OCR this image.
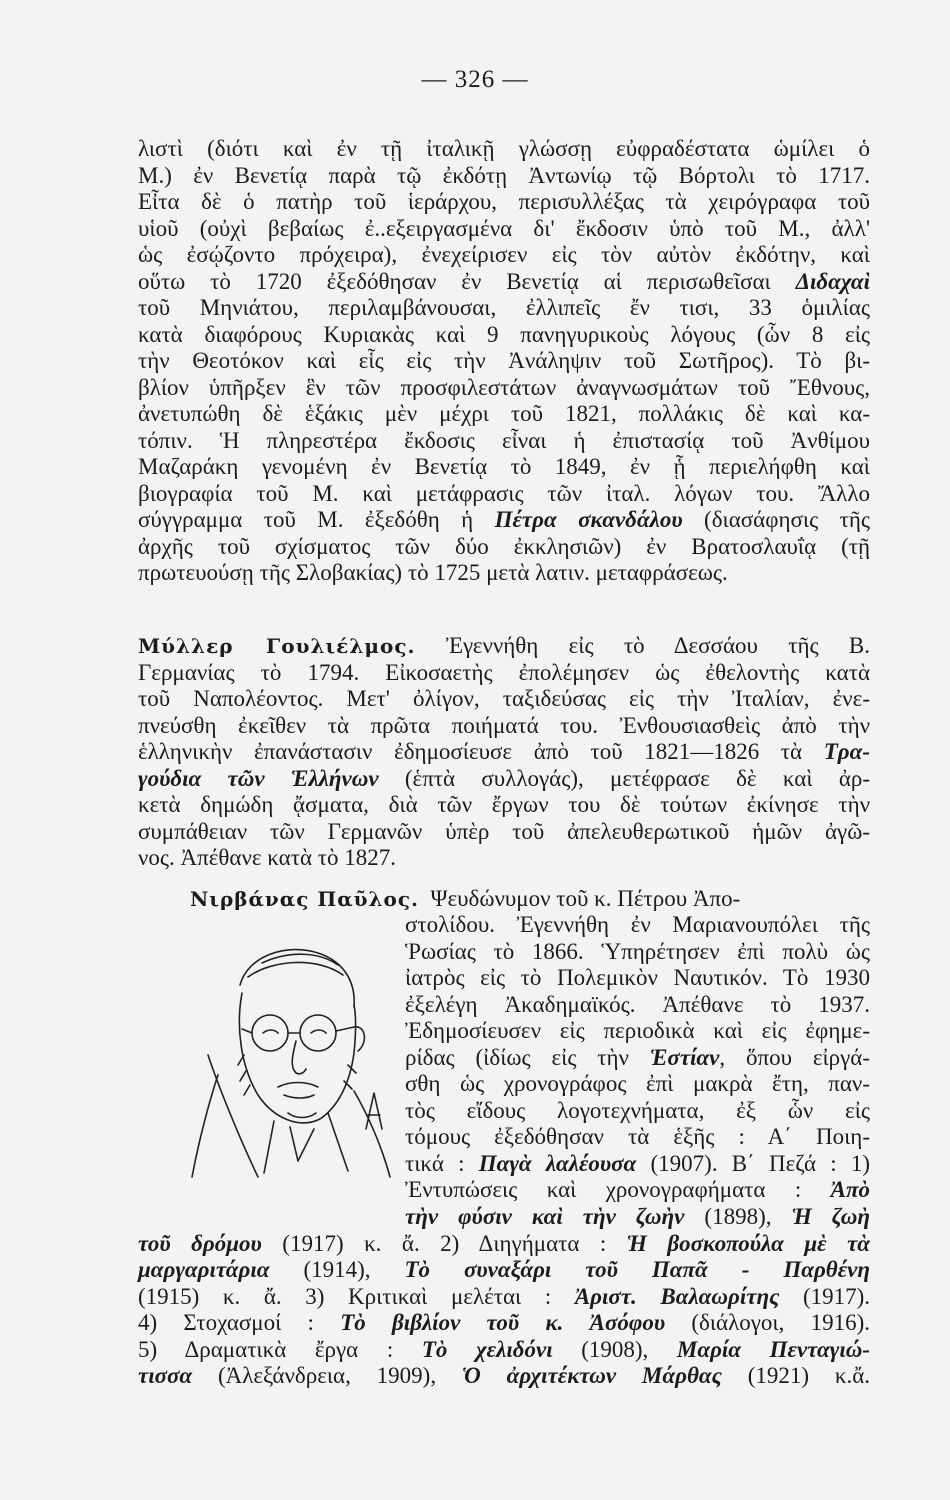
— 326 —
λιστὶ (διότι καὶ ἐν τῇ ἰταλικῇ γλώσσῃ εὐφραδέστατα ὡμίλει ὁ
Μ.) ἐν Βενετίᾳ παρὰ τῷ ἐκδότῃ Ἀντωνίῳ τῷ Βόρτολι τὸ 1717.
Εἶτα δὲ ὁ πατὴρ τοῦ ἱεράρχου, περισυλλέξας τὰ χειρόγραφα τοῦ
υἱοῦ (οὐχὶ βεβαίως ἐ..εξειργασμένα δι' ἔκδοσιν ὑπὸ τοῦ Μ., ἀλλ'
ὡς ἐσῴζοντο πρόχειρα), ἐνεχείρισεν εἰς τὸν αὐτὸν ἐκδότην, καὶ
οὕτω τὸ 1720 ἐξεδόθησαν ἐν Βενετίᾳ αἱ περισωθεῖσαι Διδαχαὶ
τοῦ Μηνιάτου, περιλαμβάνουσαι, ἐλλιπεῖς ἔν τισι, 33 ὁμιλίας
κατὰ διαφόρους Κυριακὰς καὶ 9 πανηγυρικοὺς λόγους (ὧν 8 εἰς
τὴν Θεοτόκον καὶ εἷς εἰς τὴν Ἀνάληψιν τοῦ Σωτῆρος). Τὸ βι-
βλίον ὑπῆρξεν ἓν τῶν προσφιλεστάτων ἀναγνωσμάτων τοῦ Ἔθνους,
ἀνετυπώθη δὲ ἑξάκις μὲν μέχρι τοῦ 1821, πολλάκις δὲ καὶ κα-
τόπιν. Ἡ πληρεστέρα ἔκδοσις εἶναι ἡ ἐπιστασίᾳ τοῦ Ἀνθίμου
Μαζαράκη γενομένη ἐν Βενετίᾳ τὸ 1849, ἐν ᾗ περιελήφθη καὶ
βιογραφία τοῦ Μ. καὶ μετάφρασις τῶν ἰταλ. λόγων του. Ἄλλο
σύγγραμμα τοῦ Μ. ἐξεδόθη ἡ Πέτρα σκανδάλου (διασάφησις τῆς
ἀρχῆς τοῦ σχίσματος τῶν δύο ἐκκλησιῶν) ἐν Βρατοσλαυΐᾳ (τῇ
πρωτευούσῃ τῆς Σλοβακίας) τὸ 1725 μετὰ λατιν. μεταφράσεως.
Μύλλερ Γουλιέλμος. Ἐγεννήθη εἰς τὸ Δεσσάου τῆς Β.
Γερμανίας τὸ 1794. Εἰκοσαετὴς ἐπολέμησεν ὡς ἐθελοντὴς κατὰ
τοῦ Ναπολέοντος. Μετ' ὀλίγον, ταξιδεύσας εἰς τὴν Ἰταλίαν, ἐνε-
πνεύσθη ἐκεῖθεν τὰ πρῶτα ποιήματά του. Ἐνθουσιασθεὶς ἀπὸ τὴν
ἑλληνικὴν ἐπανάστασιν ἐδημοσίευσε ἀπὸ τοῦ 1821—1826 τὰ Τρα-
γούδια τῶν Ἑλλήνων (ἑπτὰ συλλογάς), μετέφρασε δὲ καὶ ἀρ-
κετὰ δημώδη ᾄσματα, διὰ τῶν ἔργων του δὲ τούτων ἐκίνησε τὴν
συμπάθειαν τῶν Γερμανῶν ὑπὲρ τοῦ ἀπελευθερωτικοῦ ἡμῶν ἀγῶ-
νος. Ἀπέθανε κατὰ τὸ 1827.
Νιρβάνας Παῦλος. Ψευδώνυμον τοῦ κ. Πέτρου Ἀπο-
στολίδου. Ἐγεννήθη ἐν Μαριανουπόλει τῆς
Ῥωσίας τὸ 1866. Ὑπηρέτησεν ἐπὶ πολὺ ὡς
ἰατρὸς εἰς τὸ Πολεμικὸν Ναυτικόν. Τὸ 1930
ἐξελέγη Ἀκαδημαϊκός. Ἀπέθανε τὸ 1937.
Ἐδημοσίευσεν εἰς περιοδικὰ καὶ εἰς ἐφημε-
ρίδας (ἰδίως εἰς τὴν Ἑστίαν, ὅπου εἰργά-
σθη ὡς χρονογράφος ἐπὶ μακρὰ ἔτη, παν-
τὸς εἴδους λογοτεχνήματα, ἐξ ὧν εἰς
τόμους ἐξεδόθησαν τὰ ἑξῆς : Α΄ Ποιη-
τικά : Παγὰ λαλέουσα (1907). Β΄ Πεζά : 1)
Ἐντυπώσεις καὶ χρονογραφήματα : Ἀπὸ
τὴν φύσιν καὶ τὴν ζωὴν (1898), Ἡ ζωὴ
τοῦ δρόμου (1917) κ. ἄ. 2) Διηγήματα : Ἡ βοσκοπούλα μὲ τὰ
μαργαριτάρια (1914), Τὸ συναξάρι τοῦ Παπᾶ - Παρθένη
(1915) κ. ἄ. 3) Κριτικαὶ μελέται : Ἀριστ. Βαλαωρίτης (1917).
4) Στοχασμοί : Τὸ βιβλίον τοῦ κ. Ἀσόφου (διάλογοι, 1916).
5) Δραματικὰ ἔργα : Τὸ χελιδόνι (1908), Μαρία Πενταγιώ-
τισσα (Ἀλεξάνδρεια, 1909), Ὁ ἀρχιτέκτων Μάρθας (1921) κ.ἄ.
